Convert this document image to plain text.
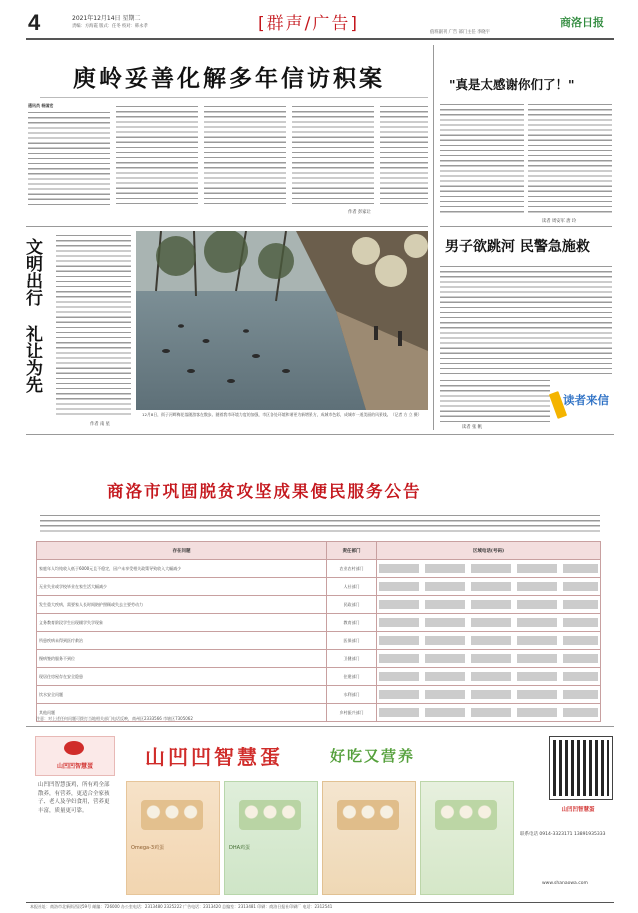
4	2021年12月14日 星期二
责编：方海霞 版式：任冬 校对：韩永孝	[群声/广告]	商洛日报
值班副刊 广告 部门主任 李晓宇
庾岭妥善化解多年信访积案
通讯员 杨国宏
作者 彭家让
"真是太感谢你们了！"
读者 周安军 唐 玲
文明出行
礼让为先
作者 南 星
12月8日，街子河畔梅花落随游客在散步。随着我市环境力度的加强，市区各处环境和谐更为新增景方，成城市色彩，成城市一道美丽的风景线。（记者 方 立 摄）
男子欲跳河 民警急施救
读者 张 帆
读者来信
商洛市巩固脱贫攻坚成果便民服务公告
存在问题	责任部门	区域电话(号码)
家庭年人均纯收入低于6000元且不稳定，因户未享受相关政策导致收入大幅减少	农业农村部门	

无业失业或学校毕业在家生活大幅减少	人社部门	

发生重大疾病，需要家人长时间陪护照顾或失去主要劳动力	民政部门	

义务教育阶段学生出现辍学失学现象	教育部门	

所患疾病未得到医疗救治	医保部门	

慢病签约服务不到位	卫健部门	

现居住房屋存在安全隐患	住建部门	

饮水安全问题	水利部门	

其他问题	乡村振兴部门	
注意：对上述任何问题可拨打当地相关部门电话反映，商州区2333566 市辖区7305062
山凹凹智慧蛋
山凹凹智慧蛋鸡，所有鸡全部散养，有营养，更适合全家孩子、老人及孕妇食用，营养更丰富，质量更可靠。
山凹凹智慧蛋	好吃又营养
Omega-3鸡蛋	DHA鸡蛋
山凹凹智慧蛋
联系电话 0914-3323171 13891935333
www.shanaowa.com
本报社址：商洛市北新街西段59号 邮编：726000 办公室电话：2313480 2325222 广告电话：2313420 总编室：2313481 印刷：商洛日报社印刷厂 电话：2312541
